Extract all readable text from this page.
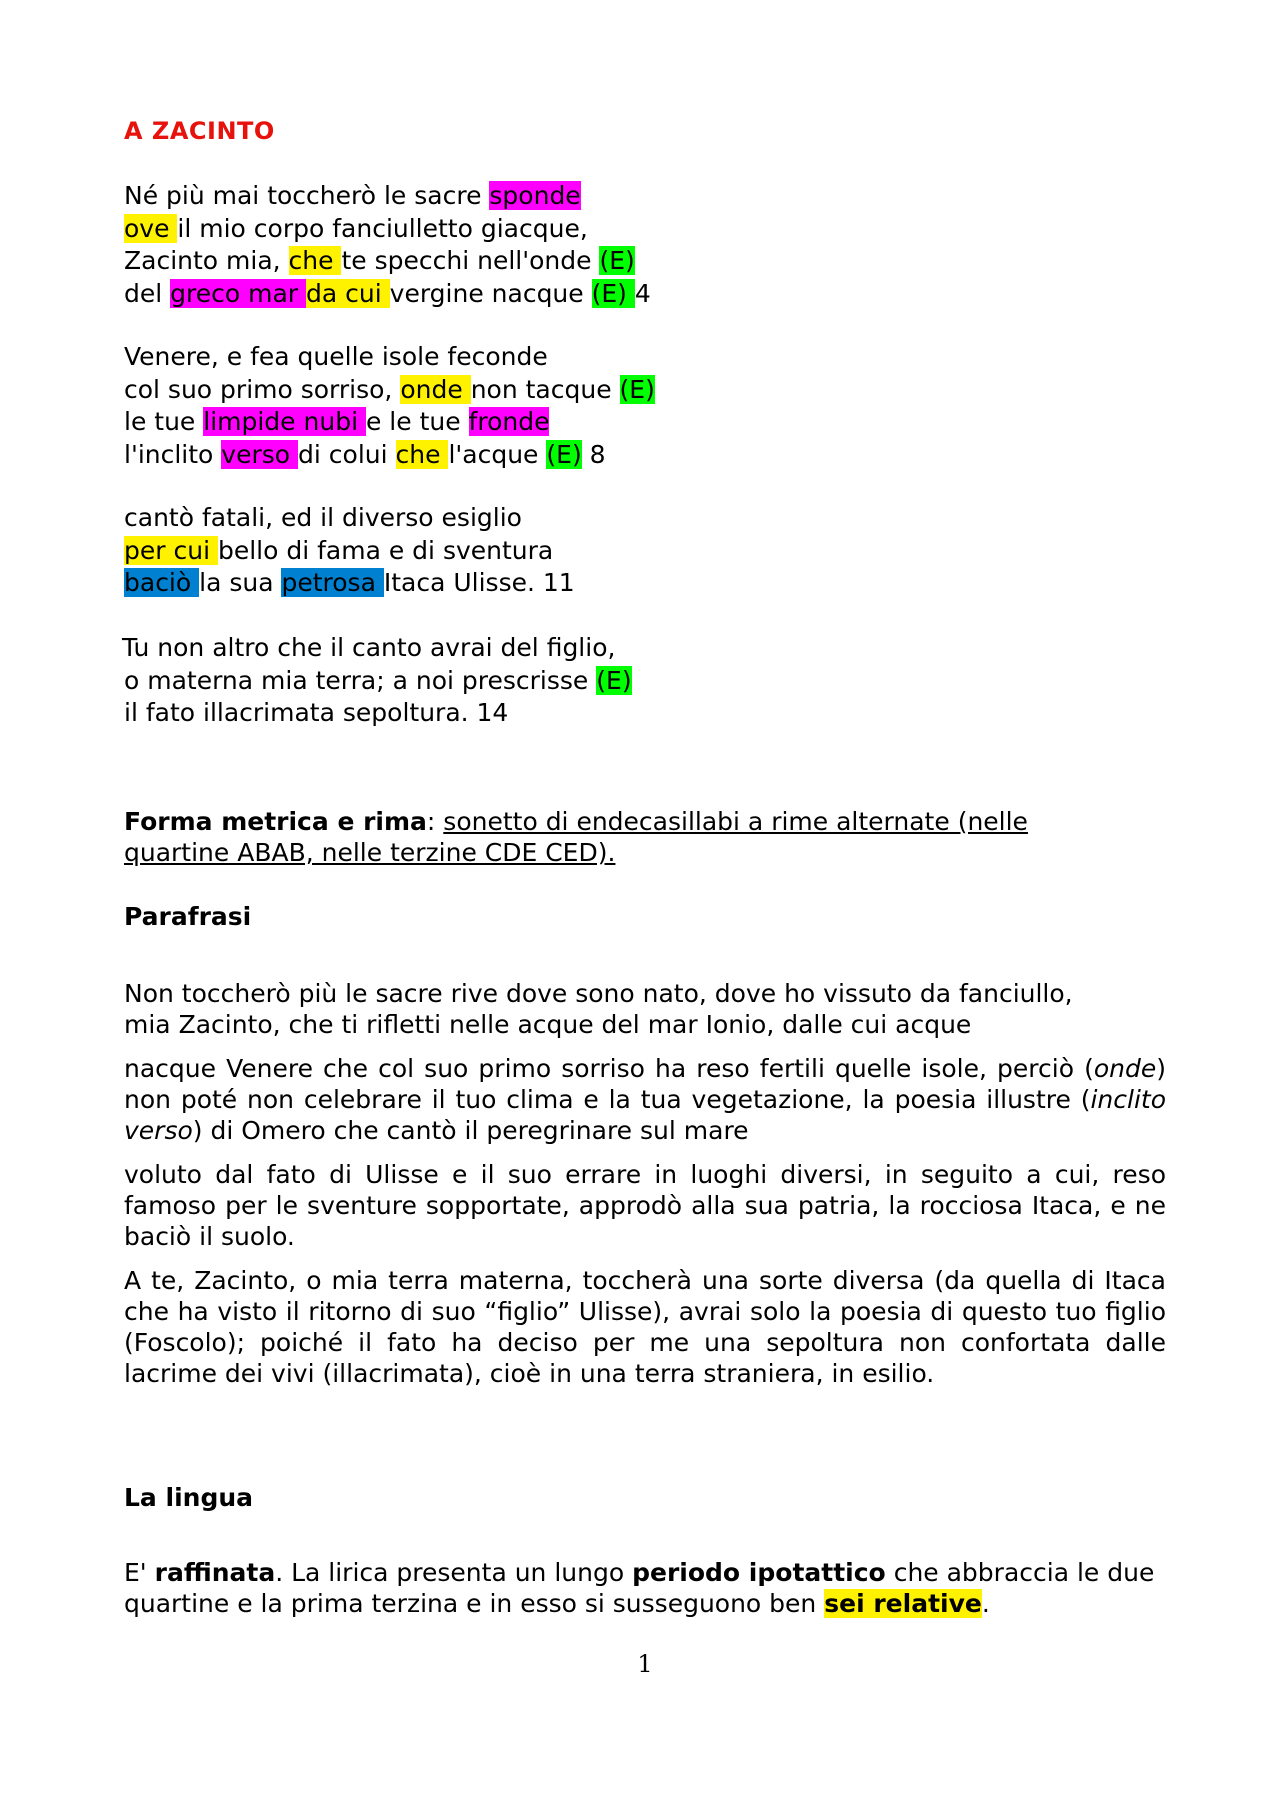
A ZACINTO
Né più mai toccherò le sacre sponde
ove il mio corpo fanciulletto giacque,
Zacinto mia, che te specchi nell'onde (E)
del greco mar da cui vergine nacque (E) 4
Venere, e fea quelle isole feconde
col suo primo sorriso, onde non tacque (E)
le tue limpide nubi e le tue fronde
l'inclito verso di colui che l'acque (E) 8
cantò fatali, ed il diverso esiglio
per cui bello di fama e di sventura
baciò la sua petrosa Itaca Ulisse. 11
Tu non altro che il canto avrai del figlio,
o materna mia terra; a noi prescrisse (E)
il fato illacrimata sepoltura. 14
Forma metrica e rima: sonetto di endecasillabi a rime alternate (nelle quartine ABAB, nelle terzine CDE CED).
Parafrasi
Non toccherò più le sacre rive dove sono nato, dove ho vissuto da fanciullo,
mia Zacinto, che ti rifletti nelle acque del mar Ionio, dalle cui acque
nacque Venere che col suo primo sorriso ha reso fertili quelle isole, perciò (onde) non poté non celebrare il tuo clima e la tua vegetazione, la poesia illustre (inclito verso) di Omero che cantò il peregrinare sul mare
voluto dal fato di Ulisse e il suo errare in luoghi diversi, in seguito a cui, reso famoso per le sventure sopportate, approdò alla sua patria, la rocciosa Itaca, e ne baciò il suolo.
A te, Zacinto, o mia terra materna, toccherà una sorte diversa (da quella di Itaca che ha visto il ritorno di suo “figlio” Ulisse), avrai solo la poesia di questo tuo figlio (Foscolo); poiché il fato ha deciso per me una sepoltura non confortata dalle lacrime dei vivi (illacrimata), cioè in una terra straniera, in esilio.
La lingua
E' raffinata. La lirica presenta un lungo periodo ipotattico che abbraccia le due quartine e la prima terzina e in esso si susseguono ben sei relative.
1
